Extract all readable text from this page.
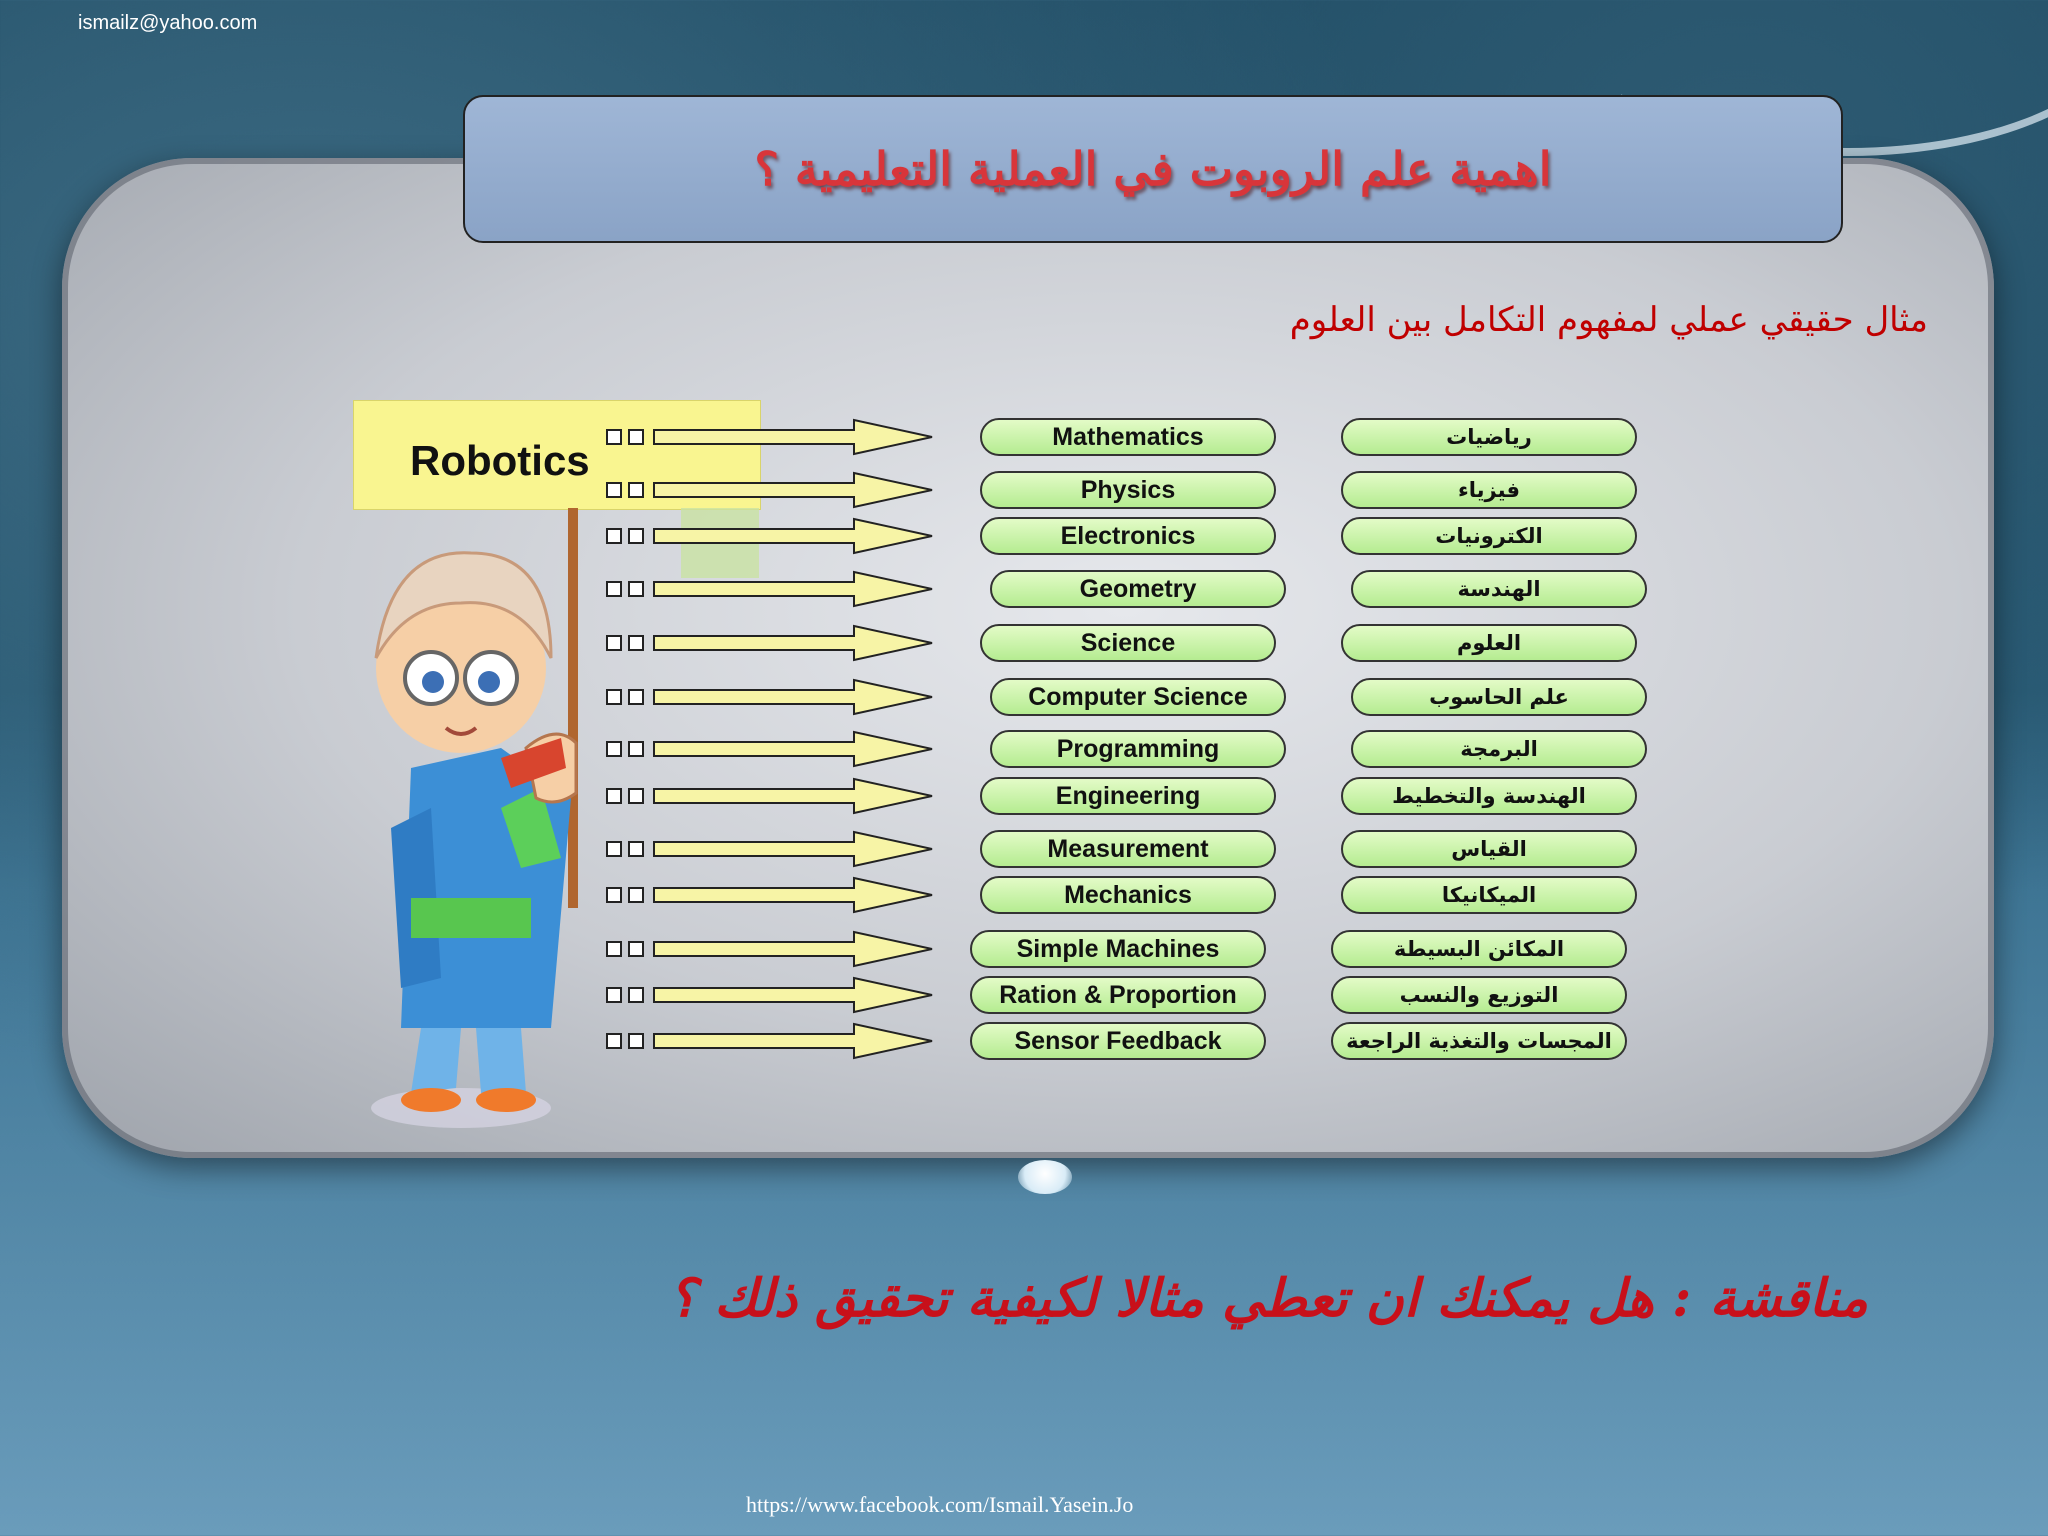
ismailz@yahoo.com
اهمية علم الروبوت في العملية التعليمية ؟
مثال حقيقي عملي لمفهوم التكامل بين العلوم
Robotics
Mathematics	رياضيات
Physics	فيزياء
Electronics	الكترونيات
Geometry	الهندسة
Science	العلوم
Computer Science	علم الحاسوب
Programming	البرمجة
Engineering	الهندسة والتخطيط
Measurement	القياس
Mechanics	الميكانيكا
Simple Machines	المكائن البسيطة
Ration & Proportion	التوزيع والنسب
Sensor Feedback	المجسات والتغذية الراجعة
مناقشة : هل يمكنك ان تعطي مثالا لكيفية تحقيق ذلك ؟
https://www.facebook.com/Ismail.Yasein.Jo
